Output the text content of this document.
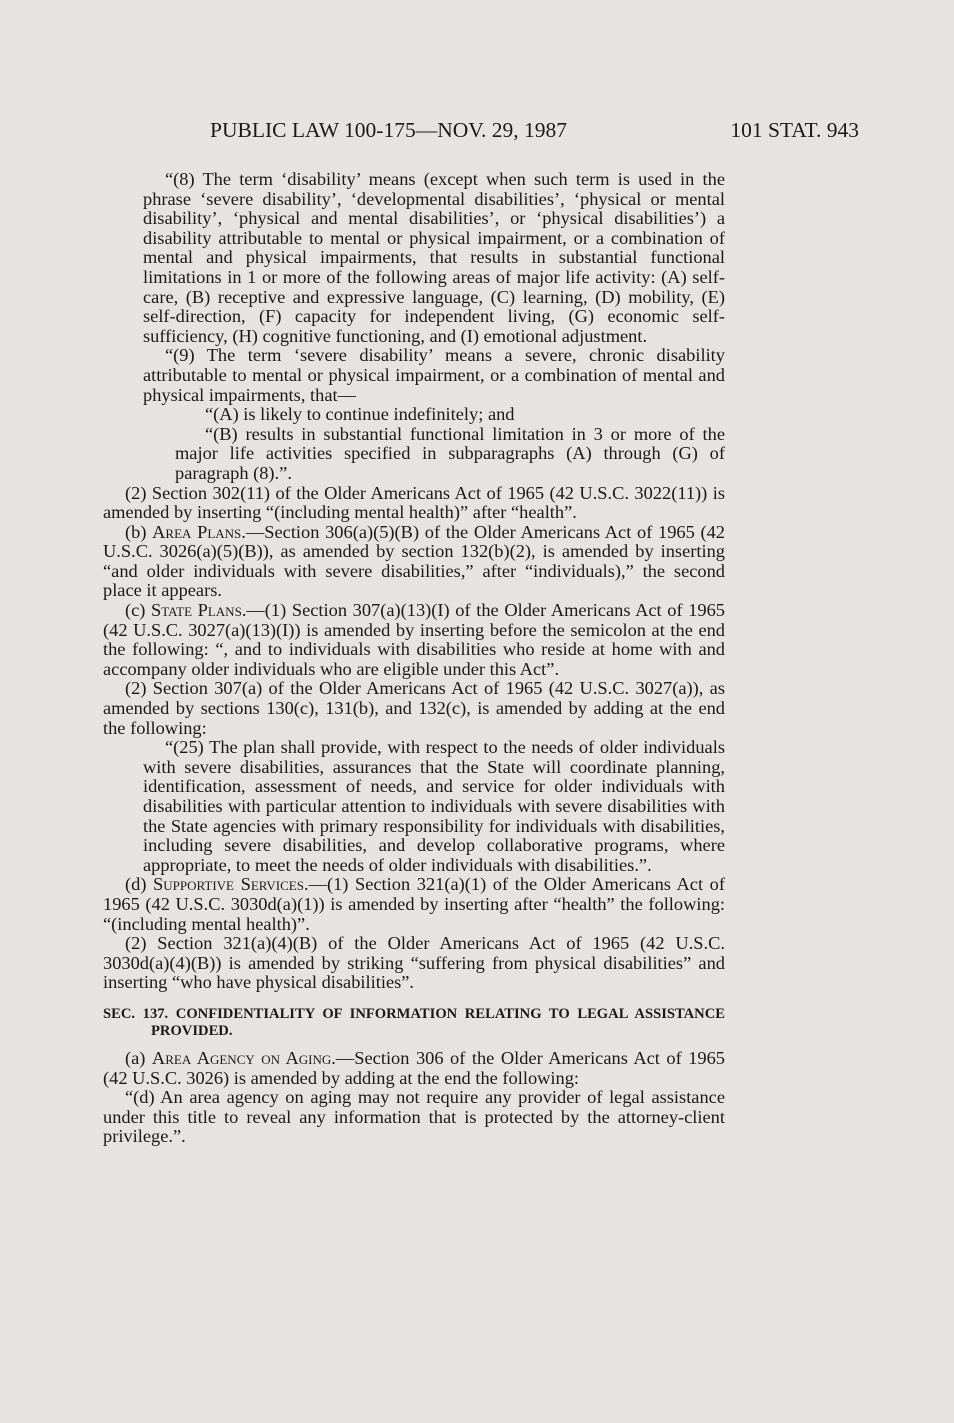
PUBLIC LAW 100-175—NOV. 29, 1987	101 STAT. 943

“(8) The term ‘disability’ means (except when such term is used in the phrase ‘severe disability’, ‘developmental disabilities’, ‘physical or mental disability’, ‘physical and mental disabilities’, or ‘physical disabilities’) a disability attributable to mental or physical impairment, or a combination of mental and physical impairments, that results in substantial functional limitations in 1 or more of the following areas of major life activity: (A) self-care, (B) receptive and expressive language, (C) learning, (D) mobility, (E) self-direction, (F) capacity for independent living, (G) economic self-sufficiency, (H) cognitive functioning, and (I) emotional adjustment.

“(9) The term ‘severe disability’ means a severe, chronic disability attributable to mental or physical impairment, or a combination of mental and physical impairments, that—

“(A) is likely to continue indefinitely; and

“(B) results in substantial functional limitation in 3 or more of the major life activities specified in subparagraphs (A) through (G) of paragraph (8).”.

(2) Section 302(11) of the Older Americans Act of 1965 (42 U.S.C. 3022(11)) is amended by inserting “(including mental health)” after “health”.

(b) Area Plans.—Section 306(a)(5)(B) of the Older Americans Act of 1965 (42 U.S.C. 3026(a)(5)(B)), as amended by section 132(b)(2), is amended by inserting “and older individuals with severe disabilities,” after “individuals),” the second place it appears.

(c) State Plans.—(1) Section 307(a)(13)(I) of the Older Americans Act of 1965 (42 U.S.C. 3027(a)(13)(I)) is amended by inserting before the semicolon at the end the following: “, and to individuals with disabilities who reside at home with and accompany older individuals who are eligible under this Act”.

(2) Section 307(a) of the Older Americans Act of 1965 (42 U.S.C. 3027(a)), as amended by sections 130(c), 131(b), and 132(c), is amended by adding at the end the following:

“(25) The plan shall provide, with respect to the needs of older individuals with severe disabilities, assurances that the State will coordinate planning, identification, assessment of needs, and service for older individuals with disabilities with particular attention to individuals with severe disabilities with the State agencies with primary responsibility for individuals with disabilities, including severe disabilities, and develop collaborative programs, where appropriate, to meet the needs of older individuals with disabilities.”.

(d) Supportive Services.—(1) Section 321(a)(1) of the Older Americans Act of 1965 (42 U.S.C. 3030d(a)(1)) is amended by inserting after “health” the following: “(including mental health)”.

(2) Section 321(a)(4)(B) of the Older Americans Act of 1965 (42 U.S.C. 3030d(a)(4)(B)) is amended by striking “suffering from physical disabilities” and inserting “who have physical disabilities”.

SEC. 137. CONFIDENTIALITY OF INFORMATION RELATING TO LEGAL ASSISTANCE PROVIDED.

(a) Area Agency on Aging.—Section 306 of the Older Americans Act of 1965 (42 U.S.C. 3026) is amended by adding at the end the following:

“(d) An area agency on aging may not require any provider of legal assistance under this title to reveal any information that is protected by the attorney-client privilege.”.
